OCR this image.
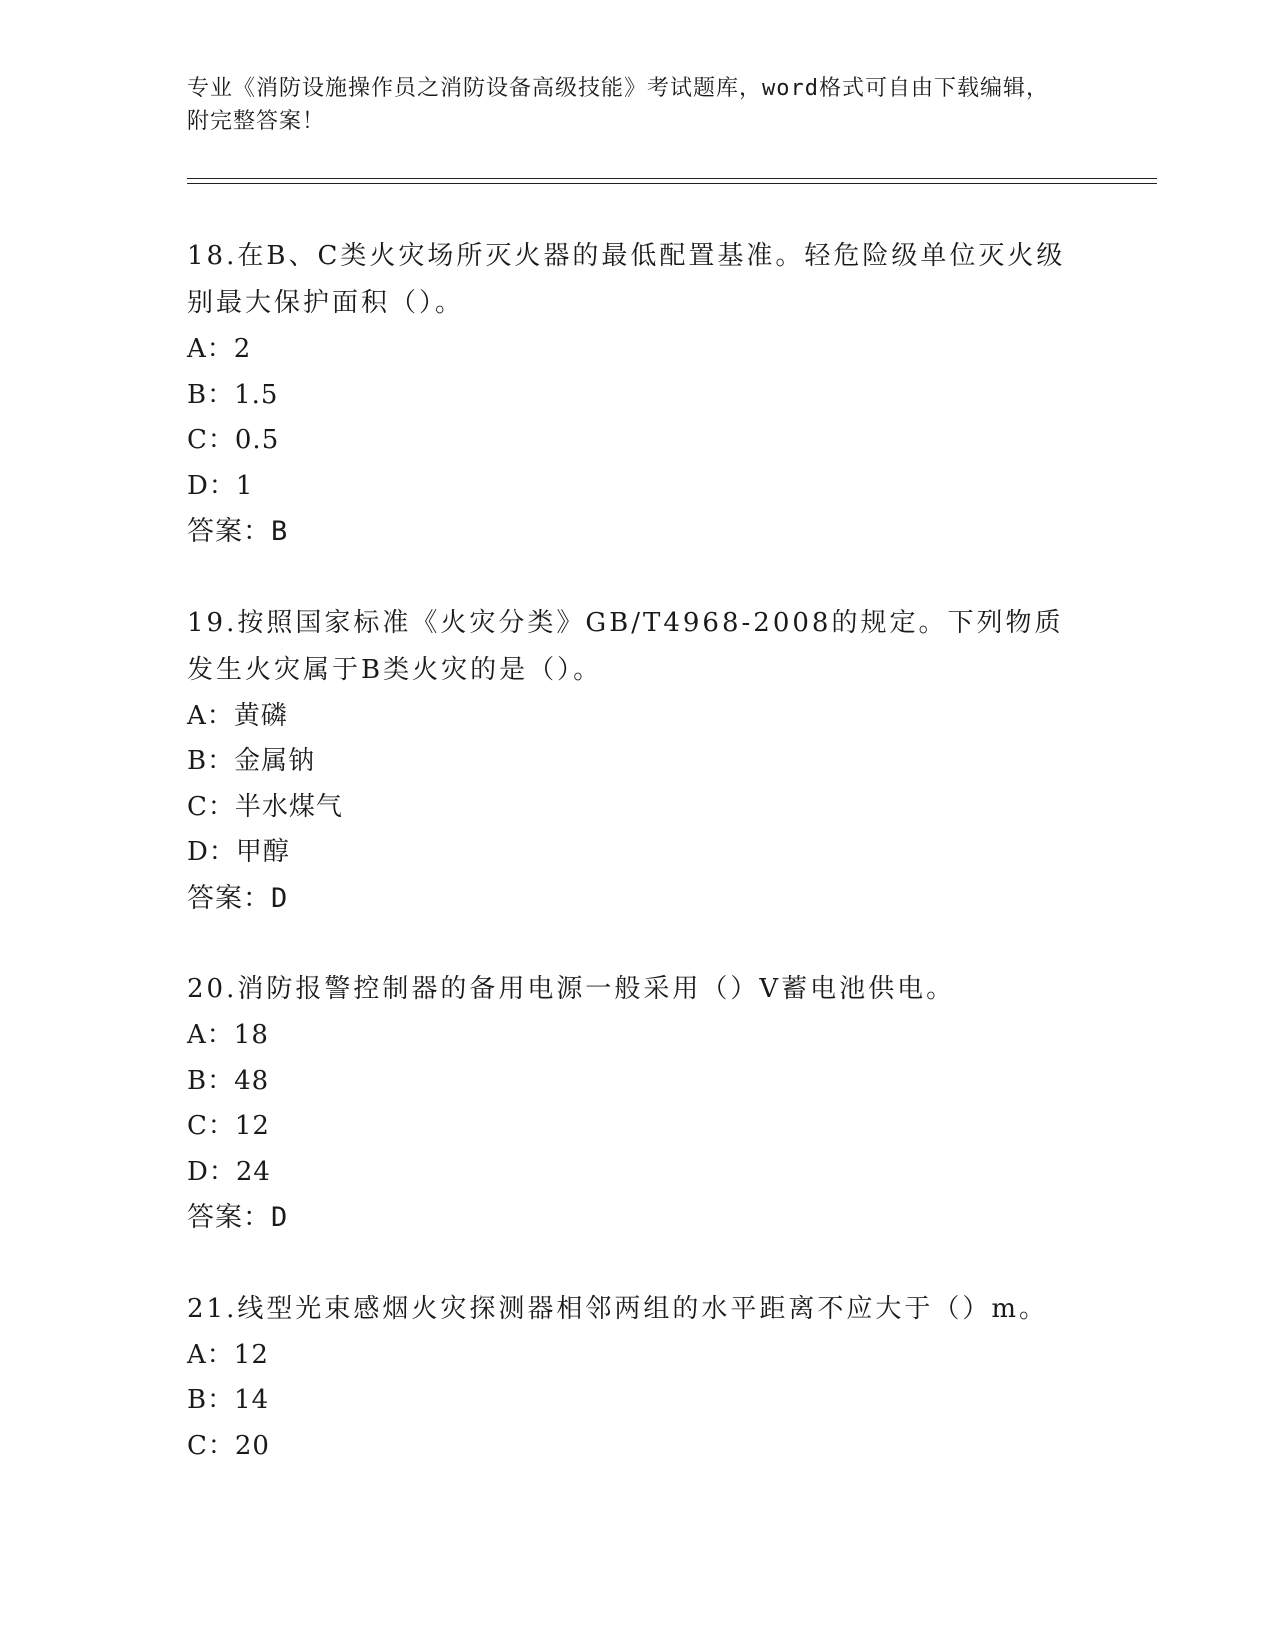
专业《消防设施操作员之消防设备高级技能》考试题库，word格式可自由下载编辑，附完整答案！

18.在B、C类火灾场所灭火器的最低配置基准。轻危险级单位灭火级别最大保护面积（）。

A：2

B：1.5

C：0.5

D：1

答案：B

19.按照国家标准《火灾分类》GB/T4968-2008的规定。下列物质发生火灾属于B类火灾的是（）。

A：黄磷

B：金属钠

C：半水煤气

D：甲醇

答案：D

20.消防报警控制器的备用电源一般采用（）V蓄电池供电。

A：18

B：48

C：12

D：24

答案：D

21.线型光束感烟火灾探测器相邻两组的水平距离不应大于（）m。

A：12

B：14

C：20
